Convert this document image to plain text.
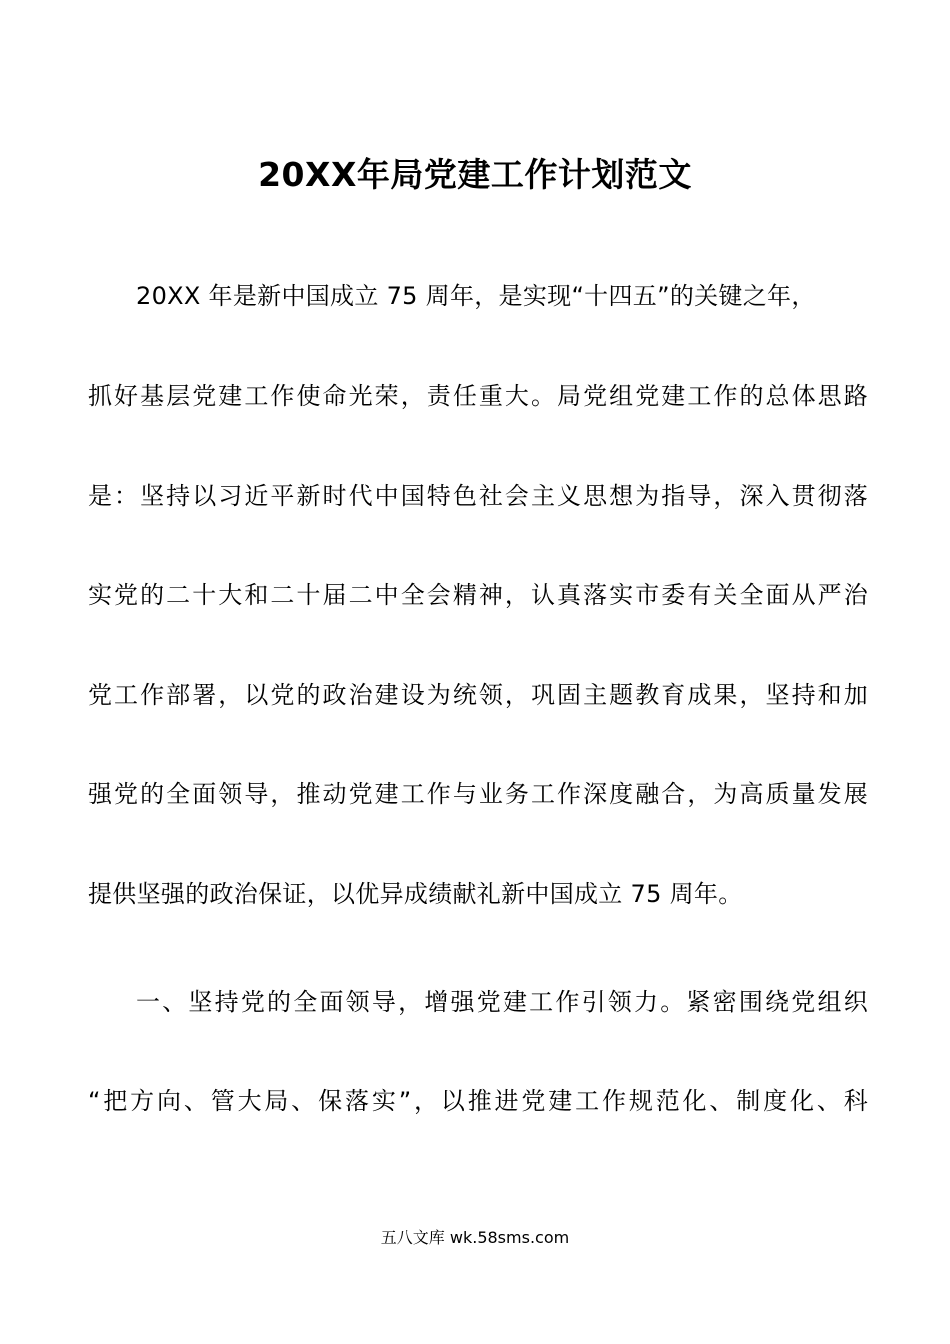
20XX年局党建工作计划范文
20XX 年是新中国成立 75 周年，是实现“十四五”的关键之年，
抓好基层党建工作使命光荣，责任重大。局党组党建工作的总体思路
是：坚持以习近平新时代中国特色社会主义思想为指导，深入贯彻落
实党的二十大和二十届二中全会精神，认真落实市委有关全面从严治
党工作部署，以党的政治建设为统领，巩固主题教育成果，坚持和加
强党的全面领导，推动党建工作与业务工作深度融合，为高质量发展
提供坚强的政治保证，以优异成绩献礼新中国成立 75 周年。
一、坚持党的全面领导，增强党建工作引领力。紧密围绕党组织
“把方向、管大局、保落实”，以推进党建工作规范化、制度化、科
五八文库 wk.58sms.com
